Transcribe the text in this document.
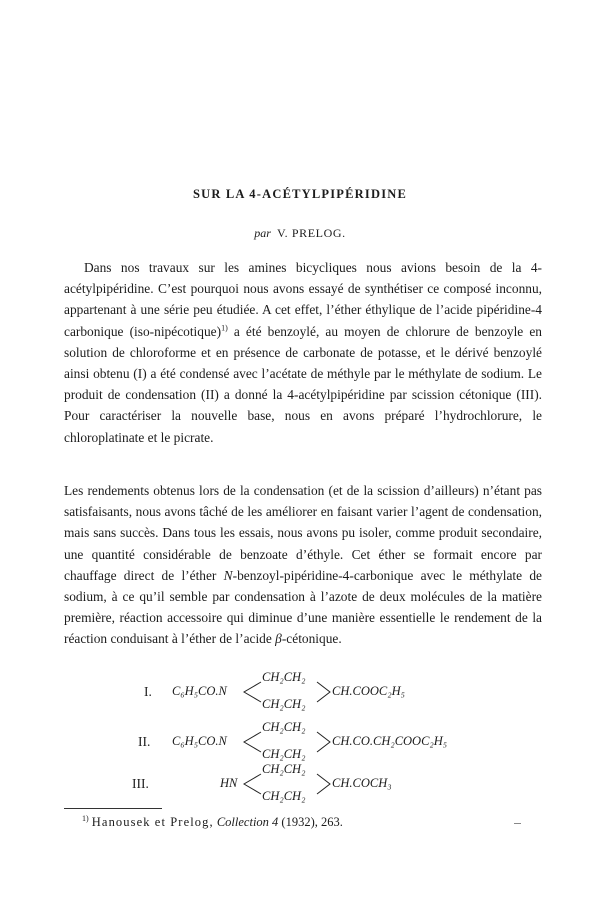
SUR LA 4-ACÉTYLPIPÉRIDINE
par V. PRELOG.
Dans nos travaux sur les amines bicycliques nous avions besoin de la 4-acétylpipéridine. C’est pourquoi nous avons essayé de synthétiser ce composé inconnu, appartenant à une série peu étudiée. A cet effet, l’éther éthylique de l’acide pipéridine-4 carbonique (iso-nipécotique)$^{1)}$ a été benzoylé, au moyen de chlorure de benzoyle en solution de chloroforme et en présence de carbonate de potasse, et le dérivé benzoylé ainsi obtenu (I) a été condensé avec l’acétate de méthyle par le méthylate de sodium. Le produit de condensation (II) a donné la 4-acétylpipéridine par scission cétonique (III). Pour caractériser la nouvelle base, nous en avons préparé l’hydrochlorure, le chloroplatinate et le picrate.
Les rendements obtenus lors de la condensation (et de la scission d’ailleurs) n’étant pas satisfaisants, nous avons tâché de les améliorer en faisant varier l’agent de condensation, mais sans succès. Dans tous les essais, nous avons pu isoler, comme produit secondaire, une quantité considérable de benzoate d’éthyle. Cet éther se formait encore par chauffage direct de l’éther N-benzoyl-pipéridine-4-carbonique avec le méthylate de sodium, à ce qu’il semble par condensation à l’azote de deux molécules de la matière première, réaction accessoire qui diminue d’une manière essentielle le rendement de la réaction conduisant à l’éther de l’acide β-cétonique.
I. C₆H₅CO.N
CH₂CH₂
CH₂CH₂
CH.COOC₂H₅
II. C₆H₅CO.N
CH₂CH₂
CH₂CH₂
CH.CO.CH₂COOC₂H₅
III.	HN
CH₂CH₂
CH₂CH₂
CH.COCH₃
$^{1)}$ Hanousek et Prelog, Collection 4 (1932), 263.
